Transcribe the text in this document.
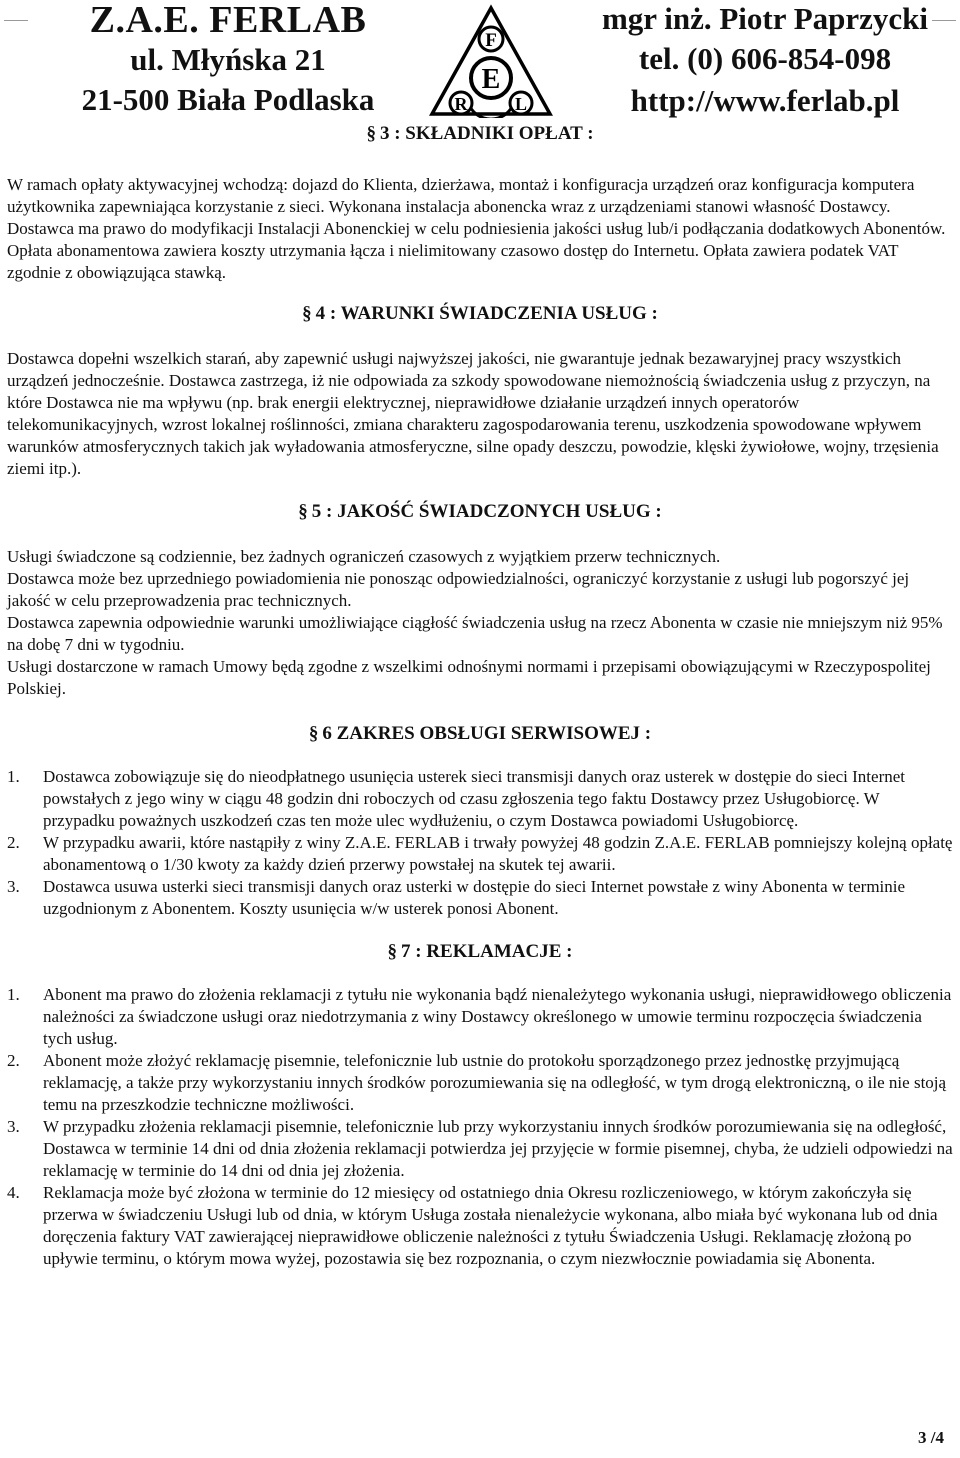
Z.A.E. FERLAB
ul. Młyńska 21
21-500 Biała Podlaska
F
E
R	L
mgr inż. Piotr Paprzycki
tel. (0) 606-854-098
http://www.ferlab.pl
§ 3 : SKŁADNIKI OPŁAT :

W ramach opłaty aktywacyjnej wchodzą: dojazd do Klienta, dzierżawa, montaż i konfiguracja urządzeń oraz konfiguracja komputera użytkownika zapewniająca korzystanie z sieci. Wykonana instalacja abonencka wraz z urządzeniami stanowi własność Dostawcy. Dostawca ma prawo do modyfikacji Instalacji Abonenckiej w celu podniesienia jakości usług lub/i podłączania dodatkowych Abonentów.

Opłata abonamentowa zawiera koszty utrzymania łącza i nielimitowany czasowo dostęp do Internetu. Opłata zawiera podatek VAT zgodnie z obowiązująca stawką.

§ 4 : WARUNKI ŚWIADCZENIA USŁUG :

Dostawca dopełni wszelkich starań, aby zapewnić usługi najwyższej jakości, nie gwarantuje jednak bezawaryjnej pracy wszystkich urządzeń jednocześnie. Dostawca zastrzega, iż nie odpowiada za szkody spowodowane niemożnością świadczenia usług z przyczyn, na które Dostawca nie ma wpływu (np. brak energii elektrycznej, nieprawidłowe działanie urządzeń innych operatorów telekomunikacyjnych, wzrost lokalnej roślinności, zmiana charakteru zagospodarowania terenu, uszkodzenia spowodowane wpływem warunków atmosferycznych takich jak wyładowania atmosferyczne, silne opady deszczu, powodzie, klęski żywiołowe, wojny, trzęsienia ziemi itp.).

§ 5 : JAKOŚĆ ŚWIADCZONYCH USŁUG :

Usługi świadczone są codziennie, bez żadnych ograniczeń czasowych z wyjątkiem przerw technicznych.

Dostawca może bez uprzedniego powiadomienia nie ponosząc odpowiedzialności, ograniczyć korzystanie z usługi lub pogorszyć jej jakość w celu przeprowadzenia prac technicznych.

Dostawca zapewnia odpowiednie warunki umożliwiające ciągłość świadczenia usług na rzecz Abonenta w czasie nie mniejszym niż 95% na dobę 7 dni w tygodniu.

Usługi dostarczone w ramach Umowy będą zgodne z wszelkimi odnośnymi normami i przepisami obowiązującymi w Rzeczypospolitej Polskiej.

§ 6 ZAKRES OBSŁUGI SERWISOWEJ :
1. Dostawca zobowiązuje się do nieodpłatnego usunięcia usterek sieci transmisji danych oraz usterek w dostępie do sieci Internet powstałych z jego winy w ciągu 48 godzin dni roboczych od czasu zgłoszenia tego faktu Dostawcy przez Usługobiorcę. W przypadku poważnych uszkodzeń czas ten może ulec wydłużeniu, o czym Dostawca powiadomi Usługobiorcę.
2. W przypadku awarii, które nastąpiły z winy Z.A.E. FERLAB i trwały powyżej 48 godzin Z.A.E. FERLAB pomniejszy kolejną opłatę abonamentową o 1/30 kwoty za każdy dzień przerwy powstałej na skutek tej awarii.
3. Dostawca usuwa usterki sieci transmisji danych oraz usterki w dostępie do sieci Internet powstałe z winy Abonenta w terminie uzgodnionym z Abonentem. Koszty usunięcia w/w usterek ponosi Abonent.
§ 7 : REKLAMACJE :
1. Abonent ma prawo do złożenia reklamacji z tytułu nie wykonania bądź nienależytego wykonania usługi, nieprawidłowego obliczenia należności za świadczone usługi oraz niedotrzymania z winy Dostawcy określonego w umowie terminu rozpoczęcia świadczenia tych usług.
2. Abonent może złożyć reklamację pisemnie, telefonicznie lub ustnie do protokołu sporządzonego przez jednostkę przyjmującą reklamację, a także przy wykorzystaniu innych środków porozumiewania się na odległość, w tym drogą elektroniczną, o ile nie stoją temu na przeszkodzie techniczne możliwości.
3. W przypadku złożenia reklamacji pisemnie, telefonicznie lub przy wykorzystaniu innych środków porozumiewania się na odległość, Dostawca w terminie 14 dni od dnia złożenia reklamacji potwierdza jej przyjęcie w formie pisemnej, chyba, że udzieli odpowiedzi na reklamację w terminie do 14 dni od dnia jej złożenia.
4. Reklamacja może być złożona w terminie do 12 miesięcy od ostatniego dnia Okresu rozliczeniowego, w którym zakończyła się przerwa w świadczeniu Usługi lub od dnia, w którym Usługa została nienależycie wykonana, albo miała być wykonana lub od dnia doręczenia faktury VAT zawierającej nieprawidłowe obliczenie należności z tytułu Świadczenia Usługi. Reklamację złożoną po upływie terminu, o którym mowa wyżej, pozostawia się bez rozpoznania, o czym niezwłocznie powiadamia się Abonenta.
3 /4
